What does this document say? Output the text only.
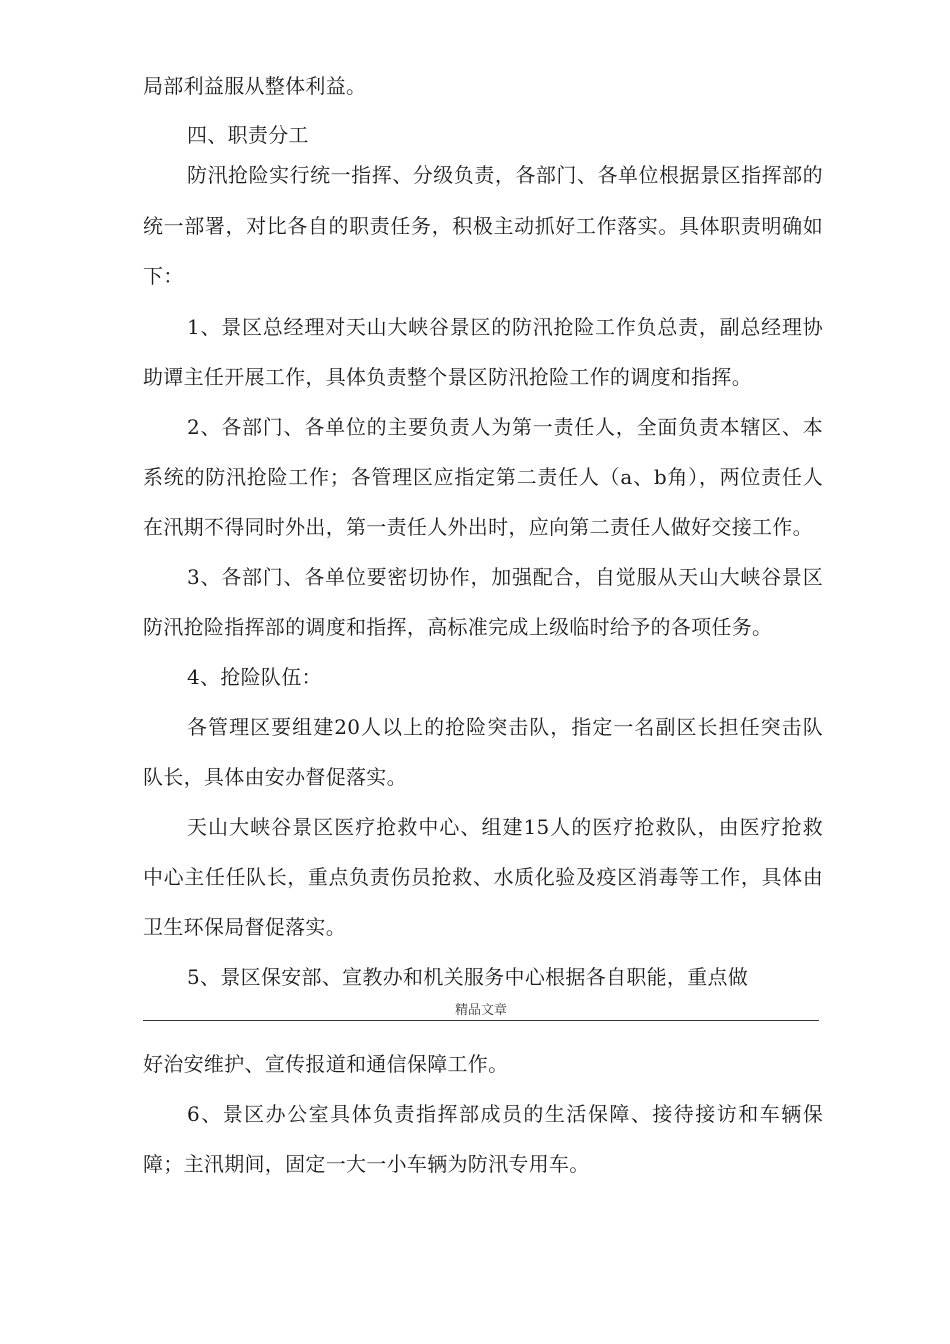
局部利益服从整体利益。
四、职责分工
防汛抢险实行统一指挥、分级负责，各部门、各单位根据景区指挥部的
统一部署，对比各自的职责任务，积极主动抓好工作落实。具体职责明确如
下：
1、景区总经理对天山大峡谷景区的防汛抢险工作负总责，副总经理协
助谭主任开展工作，具体负责整个景区防汛抢险工作的调度和指挥。
2、各部门、各单位的主要负责人为第一责任人，全面负责本辖区、本
系统的防汛抢险工作；各管理区应指定第二责任人（a、b角），两位责任人
在汛期不得同时外出，第一责任人外出时，应向第二责任人做好交接工作。
3、各部门、各单位要密切协作，加强配合，自觉服从天山大峡谷景区
防汛抢险指挥部的调度和指挥，高标准完成上级临时给予的各项任务。
4、抢险队伍：
各管理区要组建20人以上的抢险突击队，指定一名副区长担任突击队
队长，具体由安办督促落实。
天山大峡谷景区医疗抢救中心、组建15人的医疗抢救队，由医疗抢救
中心主任任队长，重点负责伤员抢救、水质化验及疫区消毒等工作，具体由
卫生环保局督促落实。
5、景区保安部、宣教办和机关服务中心根据各自职能，重点做
精品文章
好治安维护、宣传报道和通信保障工作。
6、景区办公室具体负责指挥部成员的生活保障、接待接访和车辆保
障；主汛期间，固定一大一小车辆为防汛专用车。
